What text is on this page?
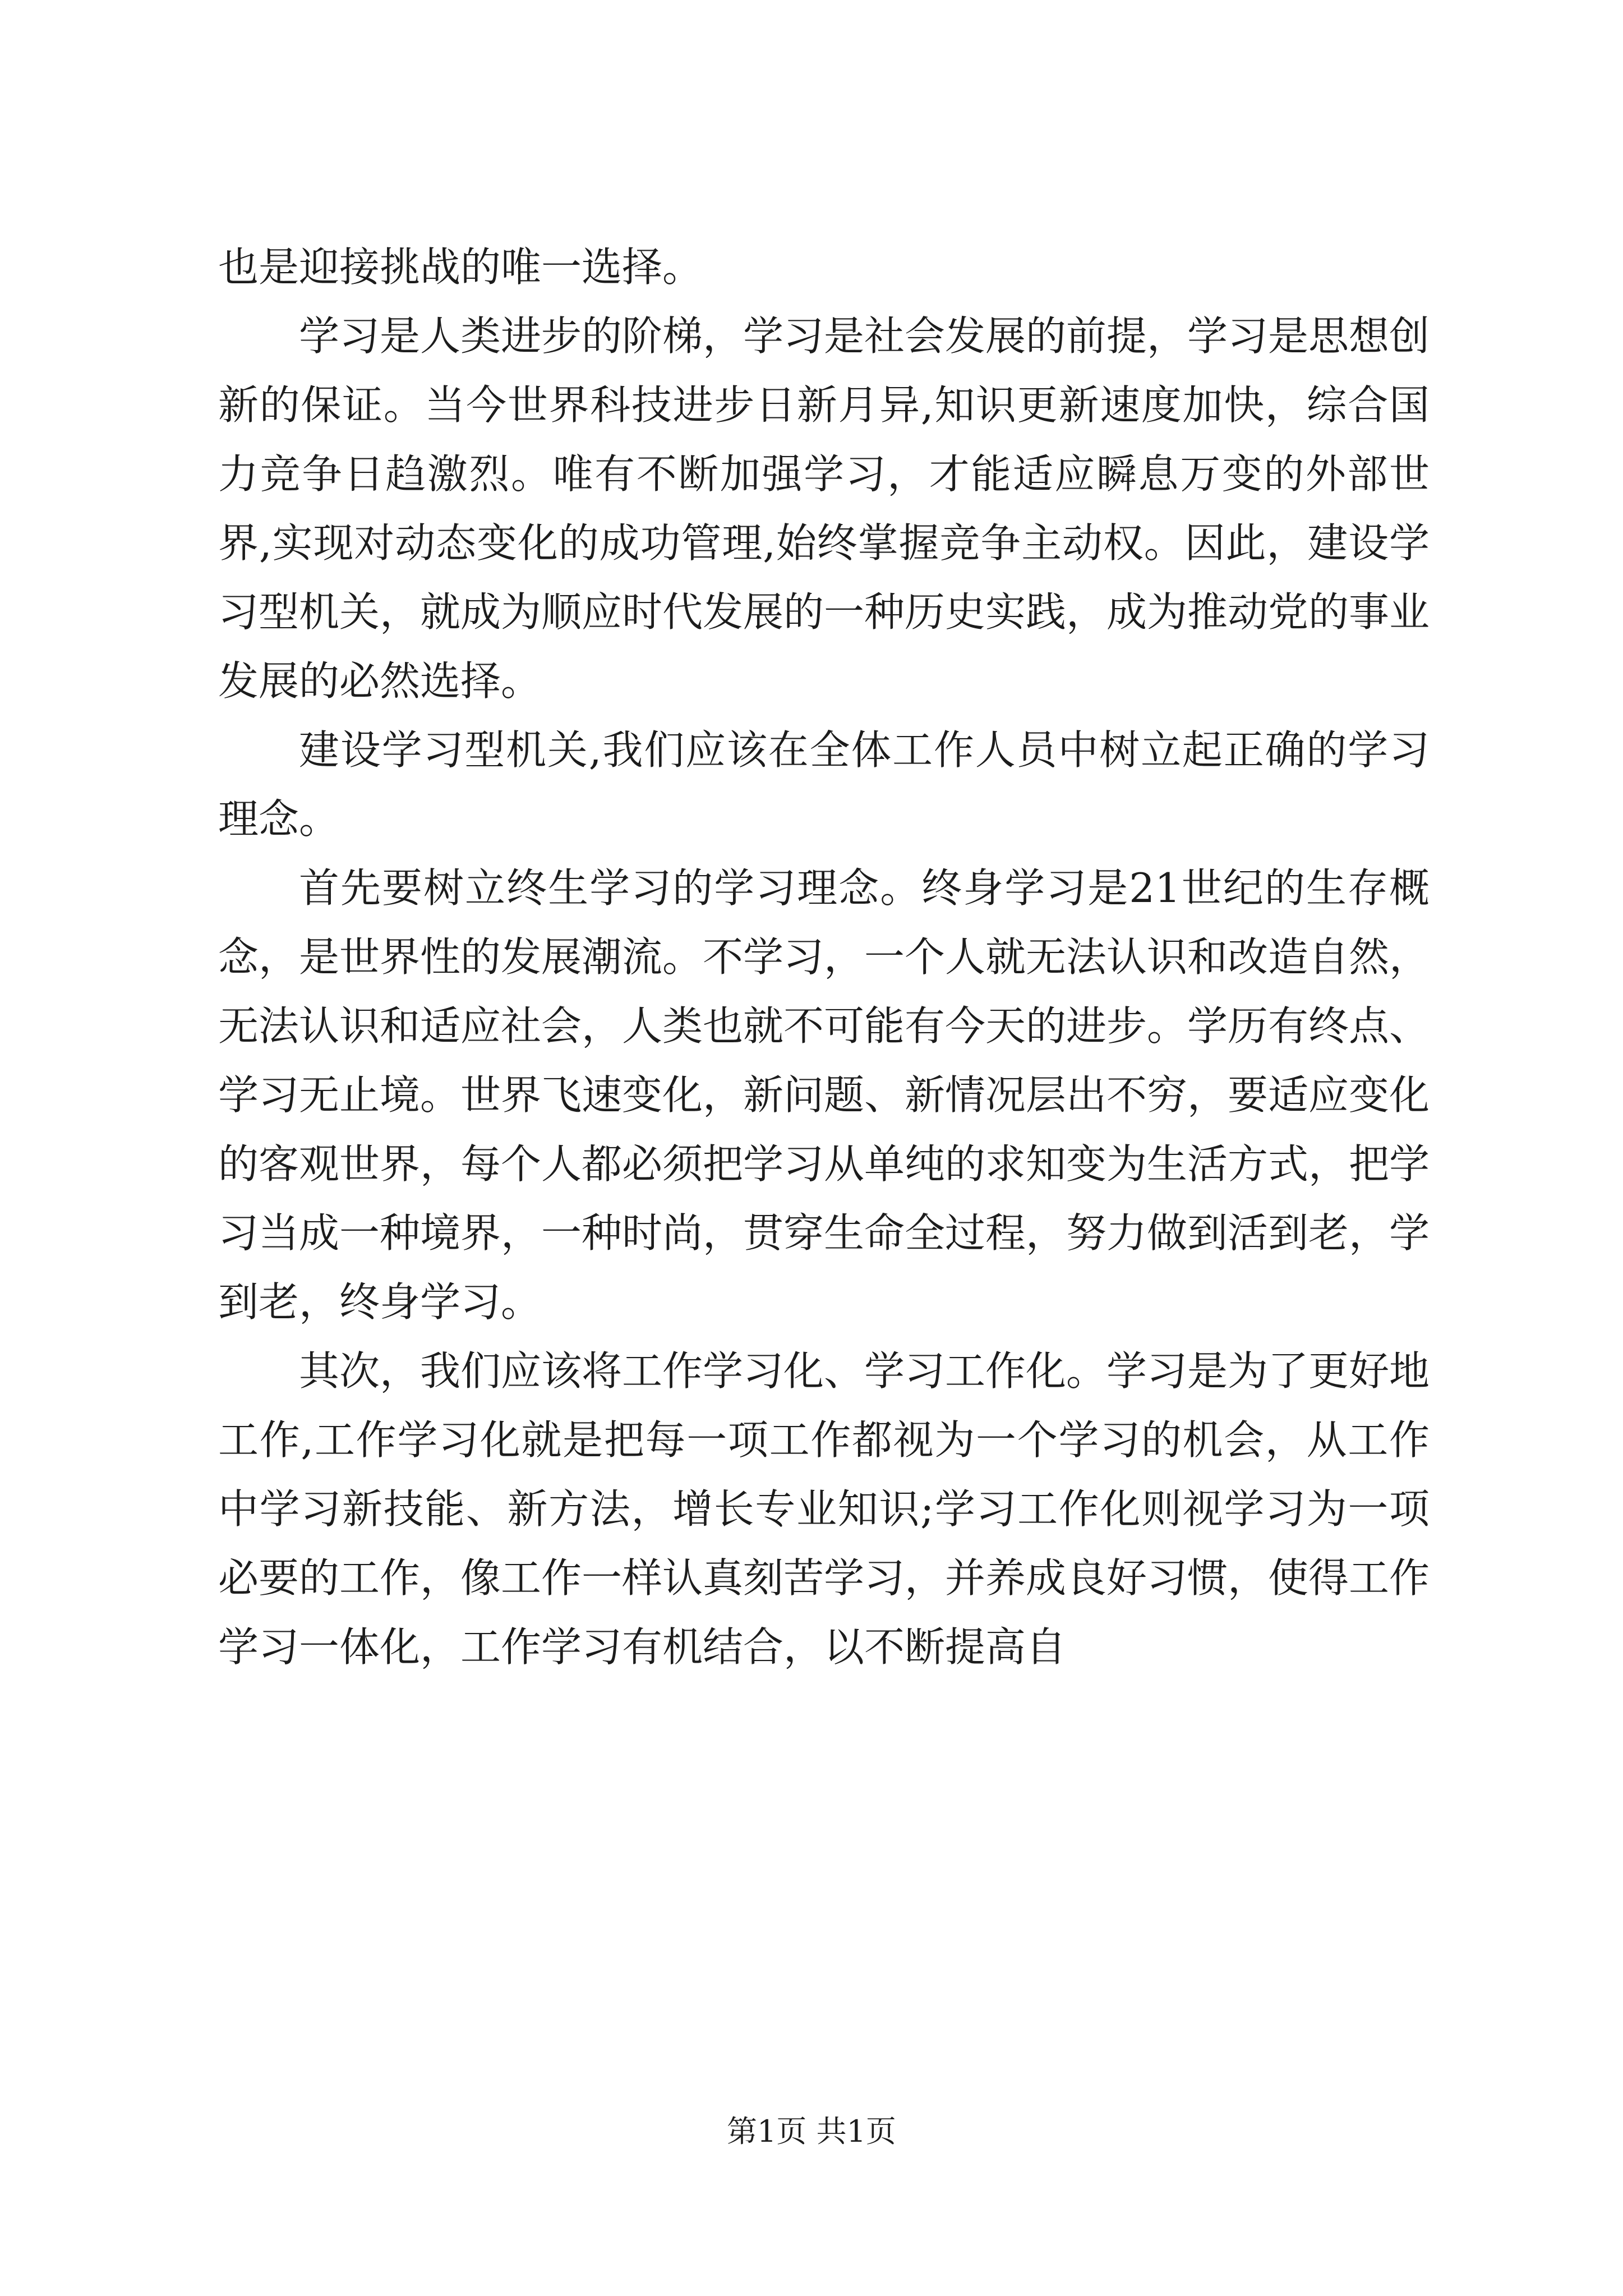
也是迎接挑战的唯一选择。

学习是人类进步的阶梯，学习是社会发展的前提，学习是思想创新的保证。当今世界科技进步日新月异,知识更新速度加快，综合国力竞争日趋激烈。唯有不断加强学习，才能适应瞬息万变的外部世界,实现对动态变化的成功管理,始终掌握竞争主动权。因此，建设学习型机关，就成为顺应时代发展的一种历史实践，成为推动党的事业发展的必然选择。

建设学习型机关,我们应该在全体工作人员中树立起正确的学习理念。

首先要树立终生学习的学习理念。终身学习是21世纪的生存概念，是世界性的发展潮流。不学习，一个人就无法认识和改造自然，无法认识和适应社会，人类也就不可能有今天的进步。学历有终点、学习无止境。世界飞速变化，新问题、新情况层出不穷，要适应变化的客观世界，每个人都必须把学习从单纯的求知变为生活方式，把学习当成一种境界，一种时尚，贯穿生命全过程，努力做到活到老，学到老，终身学习。

其次，我们应该将工作学习化、学习工作化。学习是为了更好地工作,工作学习化就是把每一项工作都视为一个学习的机会，从工作中学习新技能、新方法，增长专业知识;学习工作化则视学习为一项必要的工作，像工作一样认真刻苦学习，并养成良好习惯，使得工作学习一体化，工作学习有机结合，以不断提高自

第1页 共1页
